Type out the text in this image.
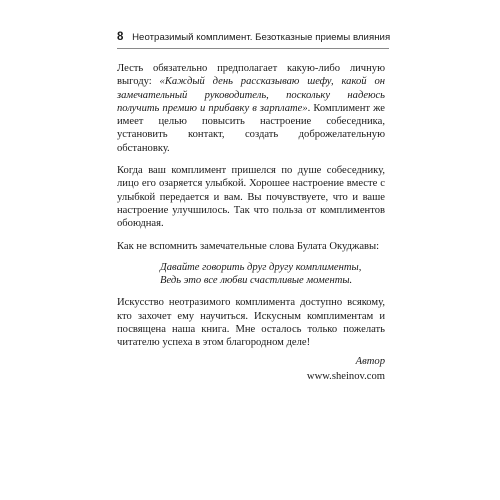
8 Неотразимый комплимент. Безотказные приемы влияния

Лесть обязательно предполагает какую-либо личную выгоду: «Каждый день рассказываю шефу, какой он замечательный руководитель, поскольку надеюсь получить премию и прибавку в зарплате». Комплимент же имеет целью повысить настроение собеседника, установить контакт, создать доброжелательную обстановку.

Когда ваш комплимент пришелся по душе собеседнику, лицо его озаряется улыбкой. Хорошее настроение вместе с улыбкой передается и вам. Вы почувствуете, что и ваше настроение улучшилось. Так что польза от комплиментов обоюдная.

Как не вспомнить замечательные слова Булата Окуджавы:

Давайте говорить друг другу комплименты,
Ведь это все любви счастливые моменты.

Искусство неотразимого комплимента доступно всякому, кто захочет ему научиться. Искусным комплиментам и посвящена наша книга. Мне осталось только пожелать читателю успеха в этом благородном деле!

Автор
www.sheinov.com
